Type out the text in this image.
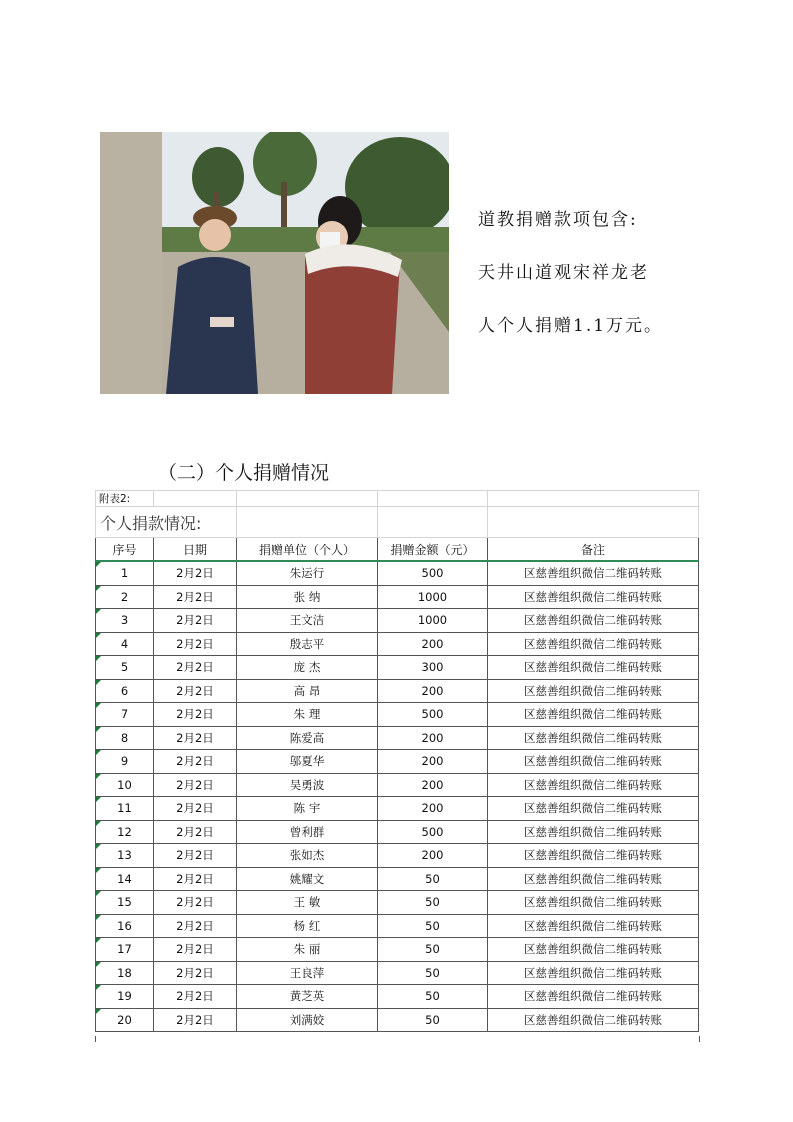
道教捐赠款项包含:
天井山道观宋祥龙老
人个人捐赠1.1万元。
（二）个人捐赠情况
附表2:				
个人捐款情况:				
序号	日期	捐赠单位（个人）	捐赠金额（元）	备注
1	2月2日	朱运行	500	区慈善组织微信二维码转账
2	2月2日	张 纳	1000	区慈善组织微信二维码转账
3	2月2日	王文洁	1000	区慈善组织微信二维码转账
4	2月2日	殷志平	200	区慈善组织微信二维码转账
5	2月2日	庞 杰	300	区慈善组织微信二维码转账
6	2月2日	高 昂	200	区慈善组织微信二维码转账
7	2月2日	朱 理	500	区慈善组织微信二维码转账
8	2月2日	陈爱高	200	区慈善组织微信二维码转账
9	2月2日	邬夏华	200	区慈善组织微信二维码转账
10	2月2日	吴勇波	200	区慈善组织微信二维码转账
11	2月2日	陈 宇	200	区慈善组织微信二维码转账
12	2月2日	曾利群	500	区慈善组织微信二维码转账
13	2月2日	张如杰	200	区慈善组织微信二维码转账
14	2月2日	姚耀文	50	区慈善组织微信二维码转账
15	2月2日	王 敏	50	区慈善组织微信二维码转账
16	2月2日	杨 红	50	区慈善组织微信二维码转账
17	2月2日	朱 丽	50	区慈善组织微信二维码转账
18	2月2日	王良萍	50	区慈善组织微信二维码转账
19	2月2日	黄芝英	50	区慈善组织微信二维码转账
20	2月2日	刘满姣	50	区慈善组织微信二维码转账
